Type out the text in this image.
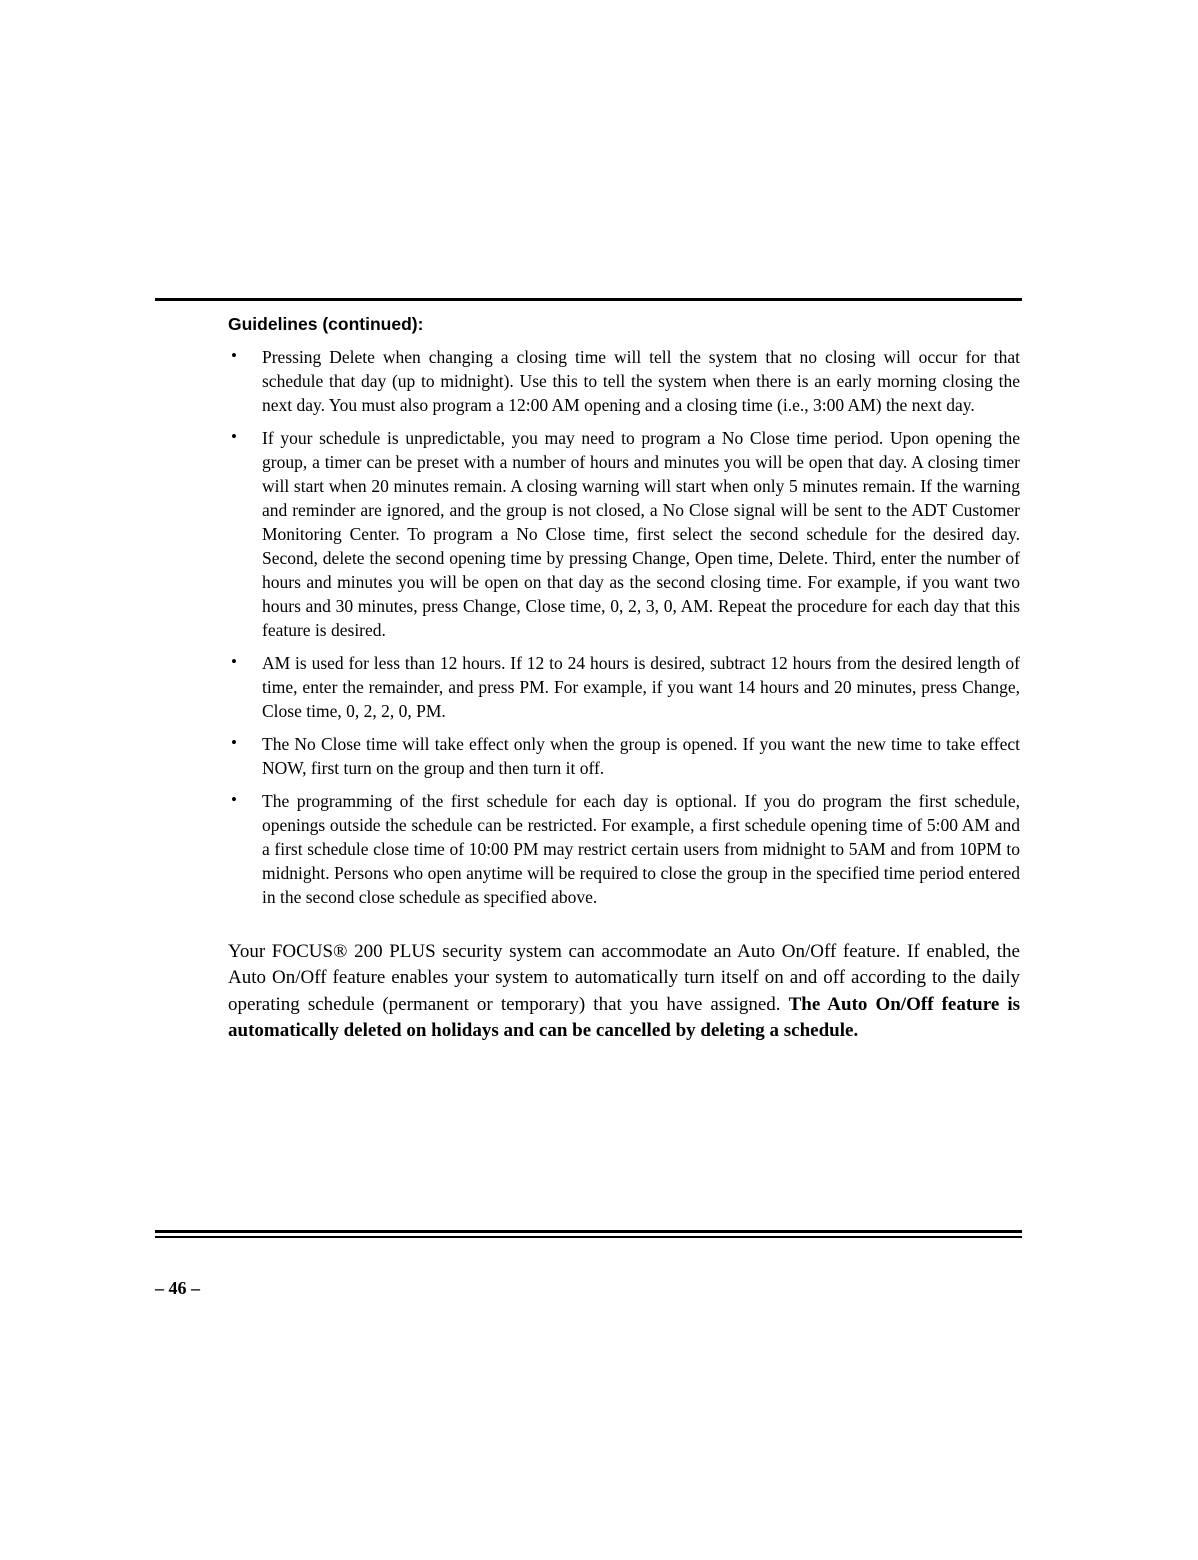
Guidelines (continued):
• Pressing Delete when changing a closing time will tell the system that no closing will occur for that schedule that day (up to midnight). Use this to tell the system when there is an early morning closing the next day. You must also program a 12:00 AM opening and a closing time (i.e., 3:00 AM) the next day.
• If your schedule is unpredictable, you may need to program a No Close time period. Upon opening the group, a timer can be preset with a number of hours and minutes you will be open that day. A closing timer will start when 20 minutes remain. A closing warning will start when only 5 minutes remain. If the warning and reminder are ignored, and the group is not closed, a No Close signal will be sent to the ADT Customer Monitoring Center. To program a No Close time, first select the second schedule for the desired day. Second, delete the second opening time by pressing Change, Open time, Delete. Third, enter the number of hours and minutes you will be open on that day as the second closing time. For example, if you want two hours and 30 minutes, press Change, Close time, 0, 2, 3, 0, AM. Repeat the procedure for each day that this feature is desired.
• AM is used for less than 12 hours. If 12 to 24 hours is desired, subtract 12 hours from the desired length of time, enter the remainder, and press PM. For example, if you want 14 hours and 20 minutes, press Change, Close time, 0, 2, 2, 0, PM.
• The No Close time will take effect only when the group is opened. If you want the new time to take effect NOW, first turn on the group and then turn it off.
• The programming of the first schedule for each day is optional. If you do program the first schedule, openings outside the schedule can be restricted. For example, a first schedule opening time of 5:00 AM and a first schedule close time of 10:00 PM may restrict certain users from midnight to 5AM and from 10PM to midnight. Persons who open anytime will be required to close the group in the specified time period entered in the second close schedule as specified above.

Your FOCUS® 200 PLUS security system can accommodate an Auto On/Off feature. If enabled, the Auto On/Off feature enables your system to automatically turn itself on and off according to the daily operating schedule (permanent or temporary) that you have assigned. The Auto On/Off feature is automatically deleted on holidays and can be cancelled by deleting a schedule.

– 46 –
